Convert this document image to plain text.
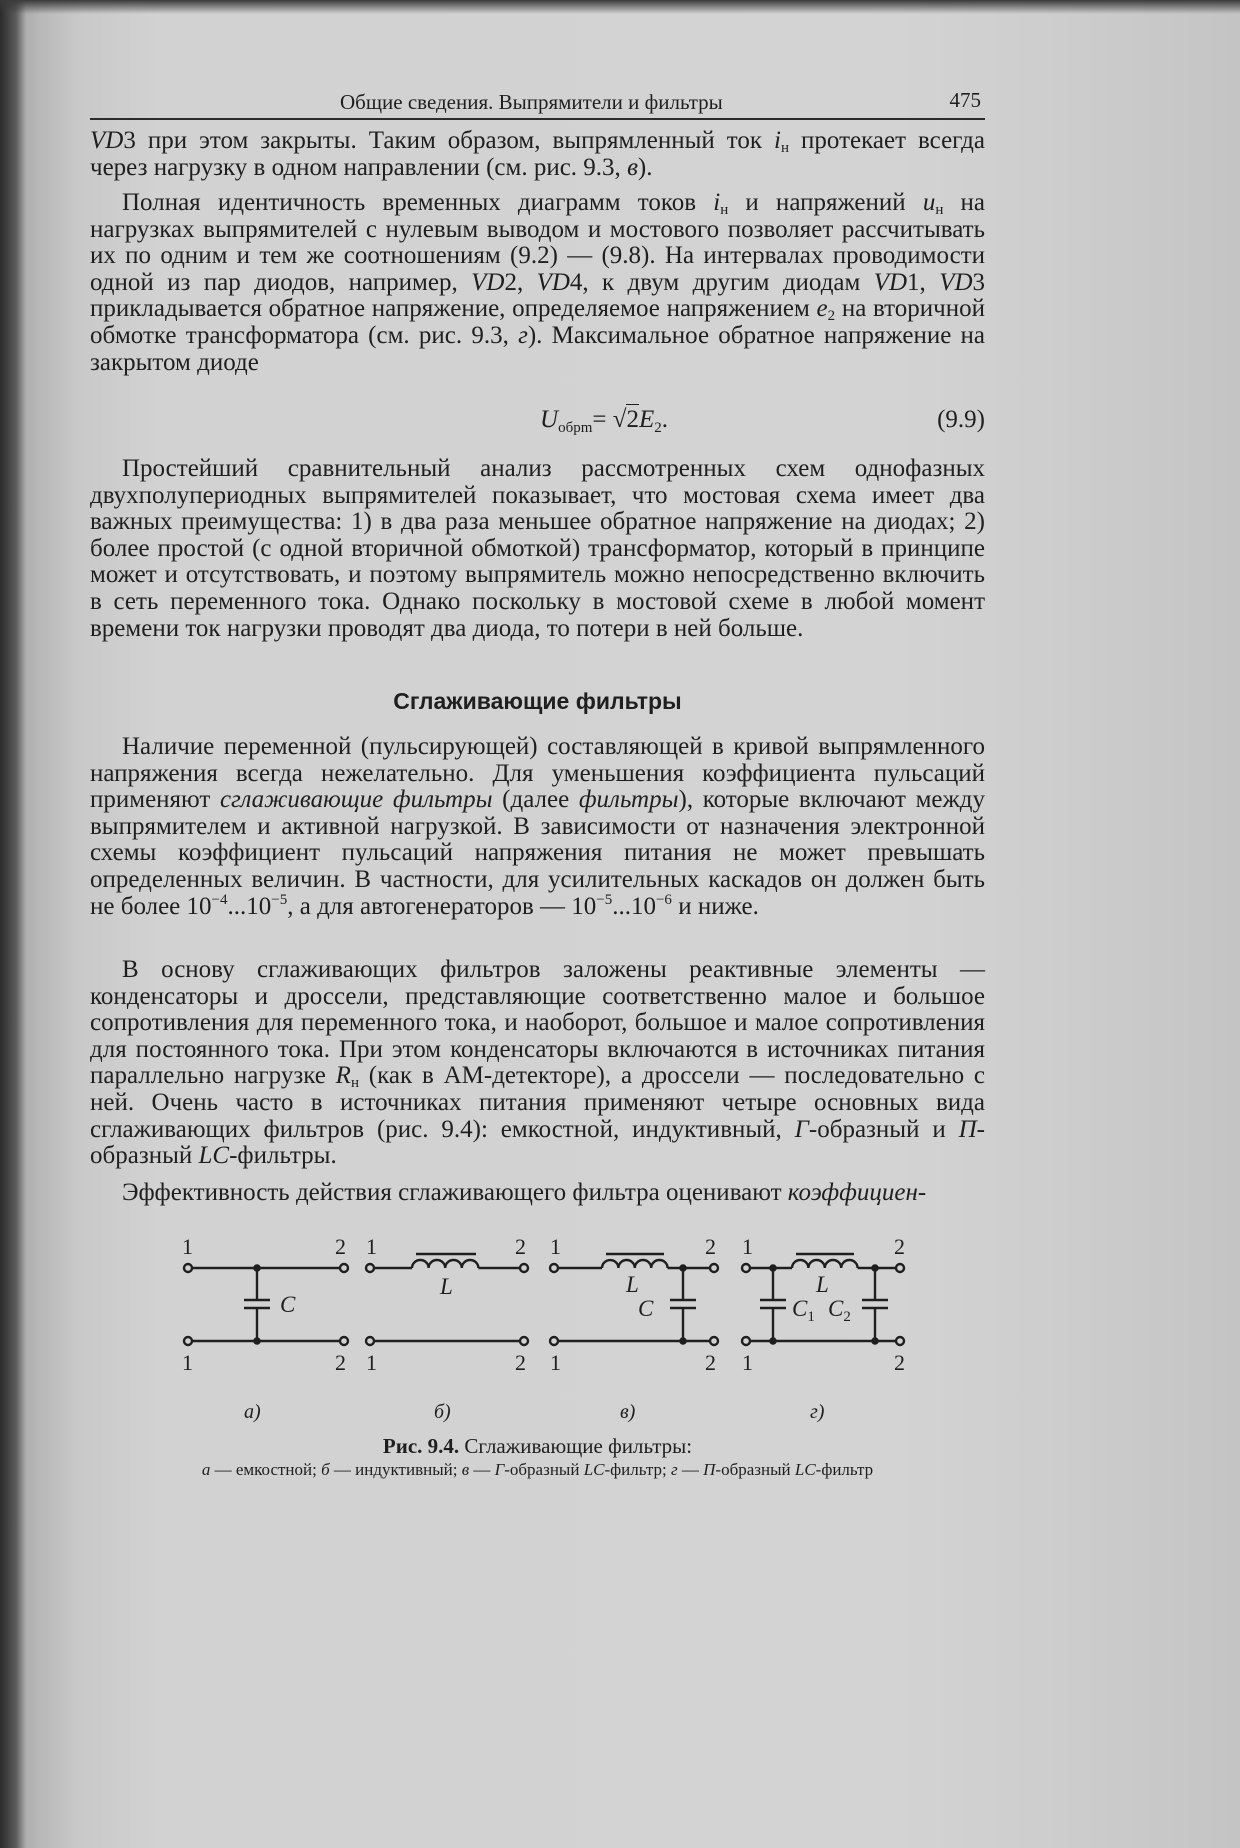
Общие сведения. Выпрямители и фильтры	475

VD3 при этом закрыты. Таким образом, выпрямленный ток $i_н$ протекает всегда через нагрузку в одном направлении (см. рис. 9.3, в).

Полная идентичность временных диаграмм токов $i_н$ и напряжений $u_н$ на нагрузках выпрямителей с нулевым выводом и мостового позволяет рассчитывать их по одним и тем же соотношениям (9.2) — (9.8). На интервалах проводимости одной из пар диодов, например, VD2, VD4, к двум другим диодам VD1, VD3 прикладывается обратное напряжение, определяемое напряжением $e_2$ на вторичной обмотке трансформатора (см. рис. 9.3, г). Максимальное обратное напряжение на закрытом диоде

$U_{обрm}= √2E_2$.	(9.9)

Простейший сравнительный анализ рассмотренных схем однофазных двухполупериодных выпрямителей показывает, что мостовая схема имеет два важных преимущества: 1) в два раза меньшее обратное напряжение на диодах; 2) более простой (с одной вторичной обмоткой) трансформатор, который в принципе может и отсутствовать, и поэтому выпрямитель можно непосредственно включить в сеть переменного тока. Однако поскольку в мостовой схеме в любой момент времени ток нагрузки проводят два диода, то потери в ней больше.

Сглаживающие фильтры

Наличие переменной (пульсирующей) составляющей в кривой выпрямленного напряжения всегда нежелательно. Для уменьшения коэффициента пульсаций применяют сглаживающие фильтры (далее фильтры), которые включают между выпрямителем и активной нагрузкой. В зависимости от назначения электронной схемы коэффициент пульсаций напряжения питания не может превышать определенных величин. В частности, для усилительных каскадов он должен быть не более $10^{-4}...10^{-5}$, а для автогенераторов — $10^{-5}...10^{-6}$ и ниже.

В основу сглаживающих фильтров заложены реактивные элементы — конденсаторы и дроссели, представляющие соответственно малое и большое сопротивления для переменного тока, и наоборот, большое и малое сопротивления для постоянного тока. При этом конденсаторы включаются в источниках питания параллельно нагрузке $R_н$ (как в АМ-детекторе), а дроссели — последовательно с ней. Очень часто в источниках питания применяют четыре основных вида сглаживающих фильтров (рис. 9.4): емкостной, индуктивный, Г-образный и П-образный LC-фильтры.

Эффективность действия сглаживающего фильтра оценивают коэффициен-

1	2
1	2
1	2
1	2
1	2
1	2
1	2
1	2
C
L	L
C
L
$C_1$ $C_2$
а)	б)	в)	г)

Рис. 9.4. Сглаживающие фильтры:

а — емкостной; б — индуктивный; в — Г-образный LC-фильтр; г — П-образный LC-фильтр
